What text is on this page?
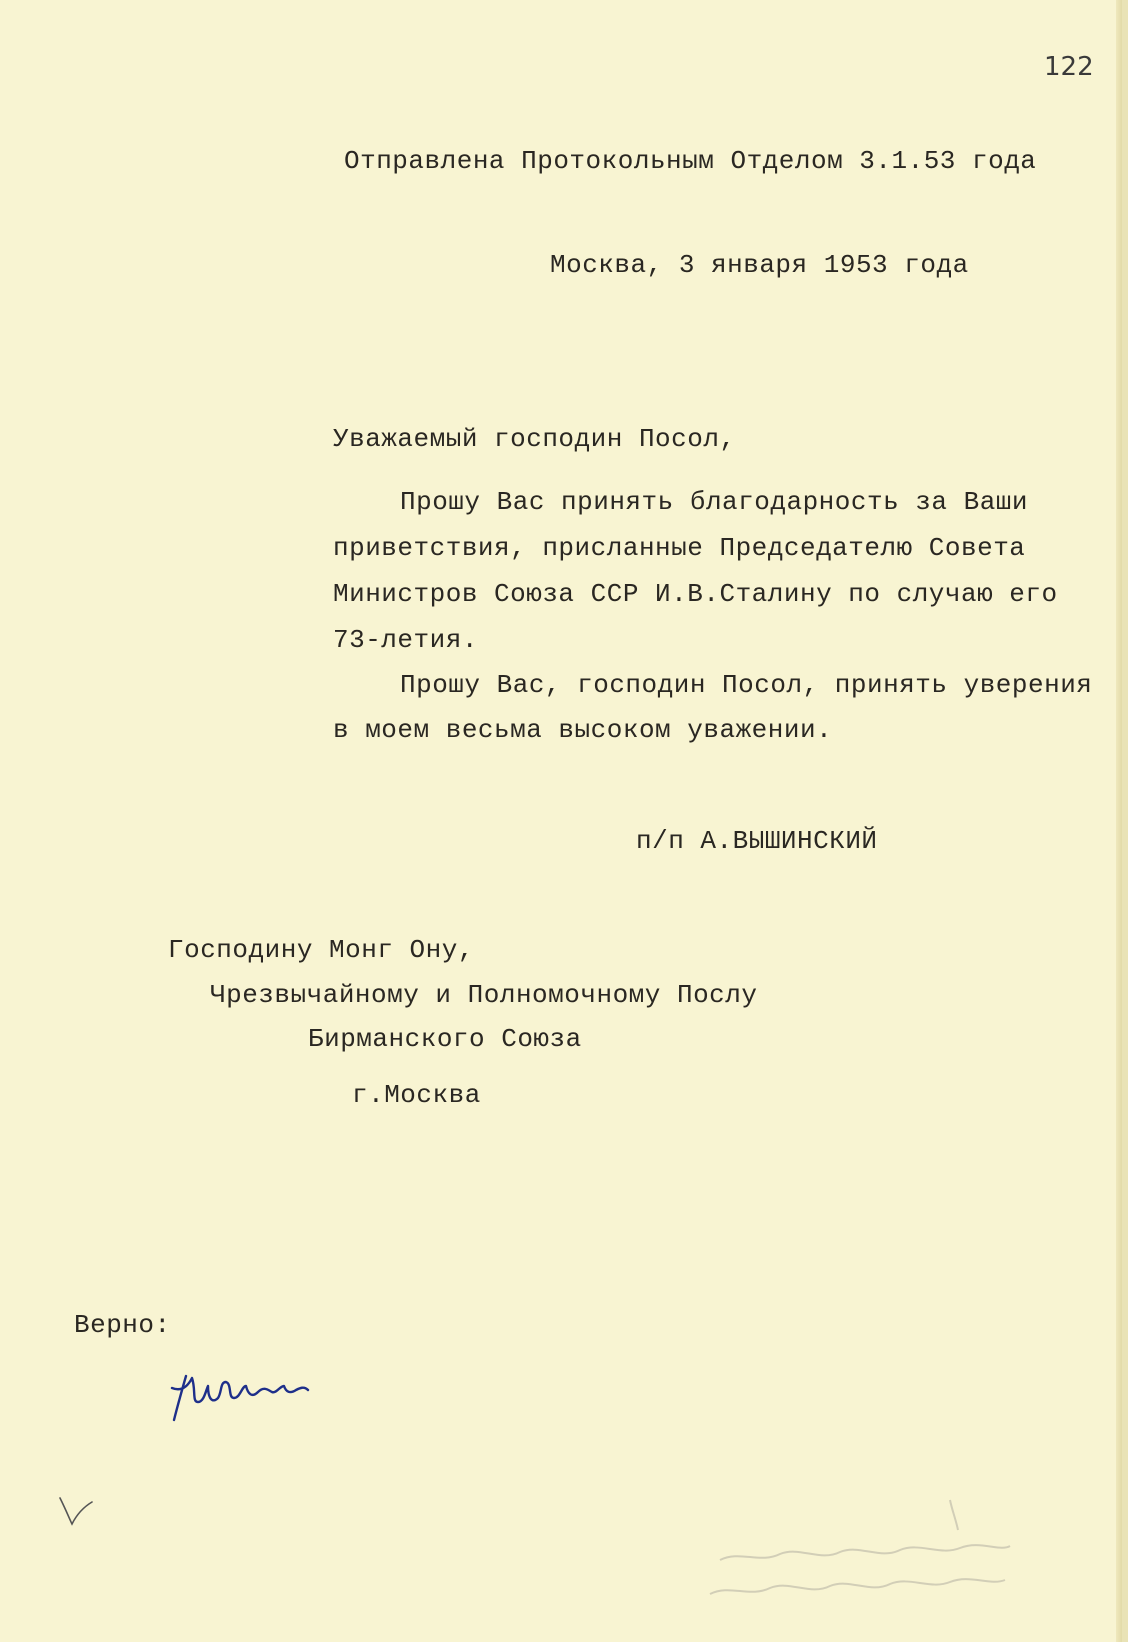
122
Отправлена Протокольным Отделом 3.1.53 года
Москва, 3 января 1953 года
Уважаемый господин Посол,
Прошу Вас принять благодарность за Ваши
приветствия, присланные Председателю Совета
Министров Союза ССР И.В.Сталину по случаю его
73-летия.
Прошу Вас, господин Посол, принять уверения
в моем весьма высоком уважении.
п/п А.ВЫШИНСКИЙ
Господину Монг Ону,
Чрезвычайному и Полномочному Послу
Бирманского Союза
г.Москва
Верно:
